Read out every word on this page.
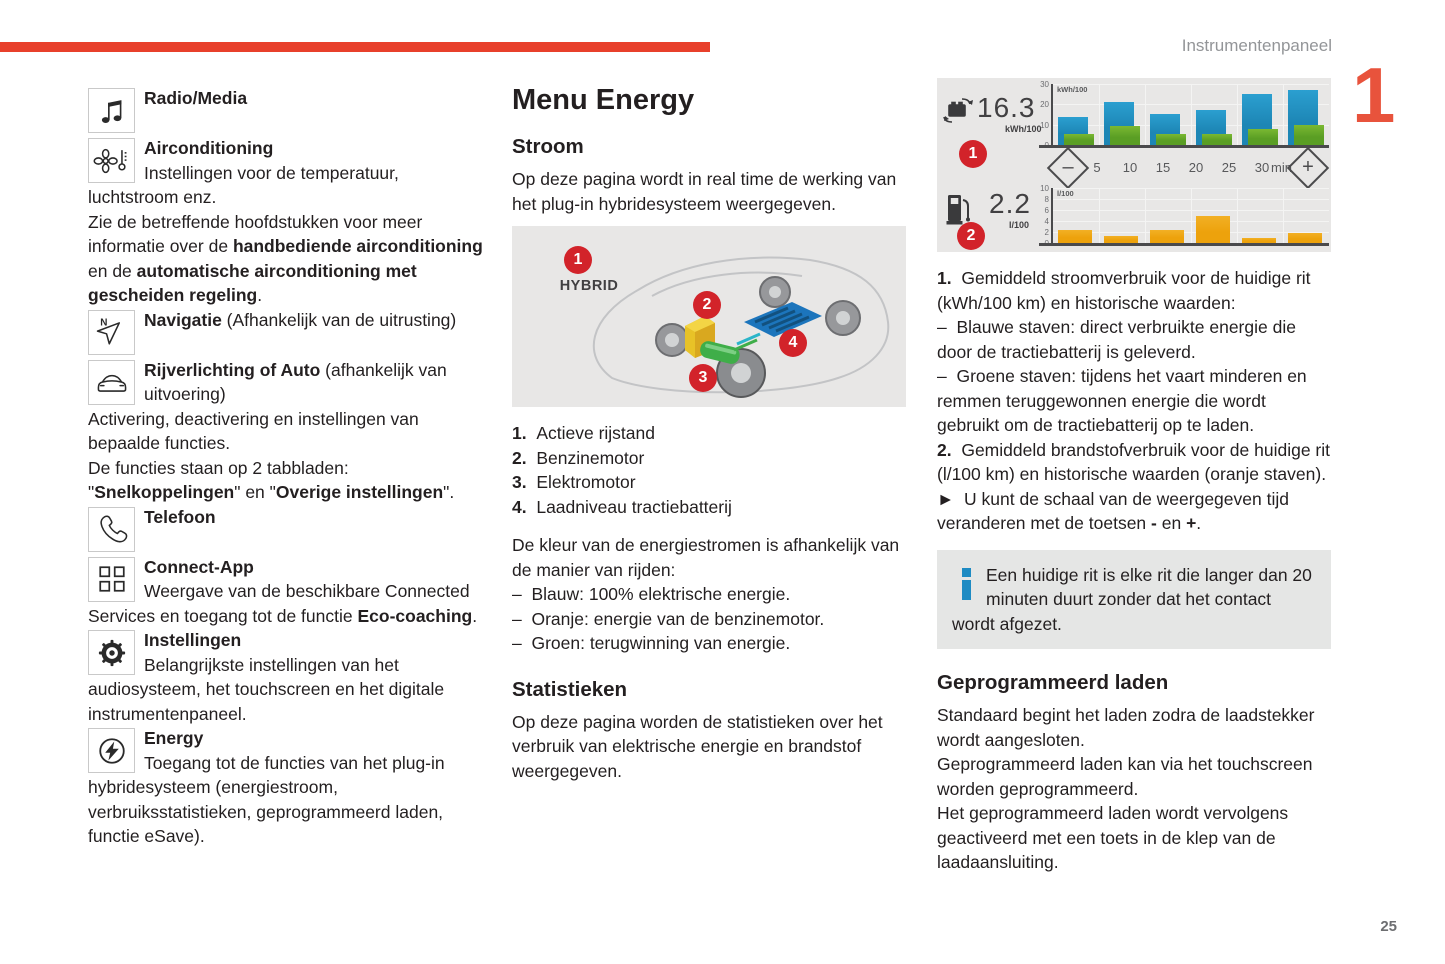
Instrumentenpaneel
1
25

Radio/Media

Airconditioning

Instellingen voor de temperatuur, luchtstroom enz.

Zie de betreffende hoofdstukken voor meer informatie over de handbediende airconditioning en de automatische airconditioning met gescheiden regeling.

N	Navigatie (Afhankelijk van de uitrusting)

Rijverlichting of Auto (afhankelijk van uitvoering)

Activering, deactivering en instellingen van bepaalde functies.

De functies staan op 2 tabbladen: "Snelkoppelingen" en "Overige instellingen".

Telefoon

Connect-App

Weergave van de beschikbare Connected Services en toegang tot de functie Eco-coaching.

Instellingen

Belangrijkste instellingen van het audiosysteem, het touchscreen en het digitale instrumentenpaneel.

Energy

Toegang tot de functies van het plug-in hybridesysteem (energiestroom, verbruiksstatistieken, geprogrammeerd laden, functie eSave).

Menu Energy
Stroom

Op deze pagina wordt in real time de werking van het plug-in hybridesysteem weergegeven.

1
HYBRID
2
3
4

1.  Actieve rijstand

2.  Benzinemotor

3.  Elektromotor

4.  Laadniveau tractiebatterij

De kleur van de energiestromen is afhankelijk van de manier van rijden:

–  Blauw: 100% elektrische energie.

–  Oranje: energie van de benzinemotor.

–  Groen: terugwinning van energie.

Statistieken

Op deze pagina worden de statistieken over het verbruik van elektrische energie en brandstof weergegeven.

16.3
kWh/100
1
2.2
l/100
2
10
20
30
kWh/100
–	5	10	15	20	25	30 min +
2
4
6
8
10
l/100

1.  Gemiddeld stroomverbruik voor de huidige rit (kWh/100 km) en historische waarden:

–  Blauwe staven: direct verbruikte energie die door de tractiebatterij is geleverd.

–  Groene staven: tijdens het vaart minderen en remmen teruggewonnen energie die wordt gebruikt om de tractiebatterij op te laden.

2.  Gemiddeld brandstofverbruik voor de huidige rit (l/100 km) en historische waarden (oranje staven).

►  U kunt de schaal van de weergegeven tijd veranderen met de toetsen - en +.

Een huidige rit is elke rit die langer dan 20 minuten duurt zonder dat het contact wordt afgezet.

Geprogrammeerd laden

Standaard begint het laden zodra de laadstekker wordt aangesloten.

Geprogrammeerd laden kan via het touchscreen worden geprogrammeerd.

Het geprogrammeerd laden wordt vervolgens geactiveerd met een toets in de klep van de laadaansluiting.
